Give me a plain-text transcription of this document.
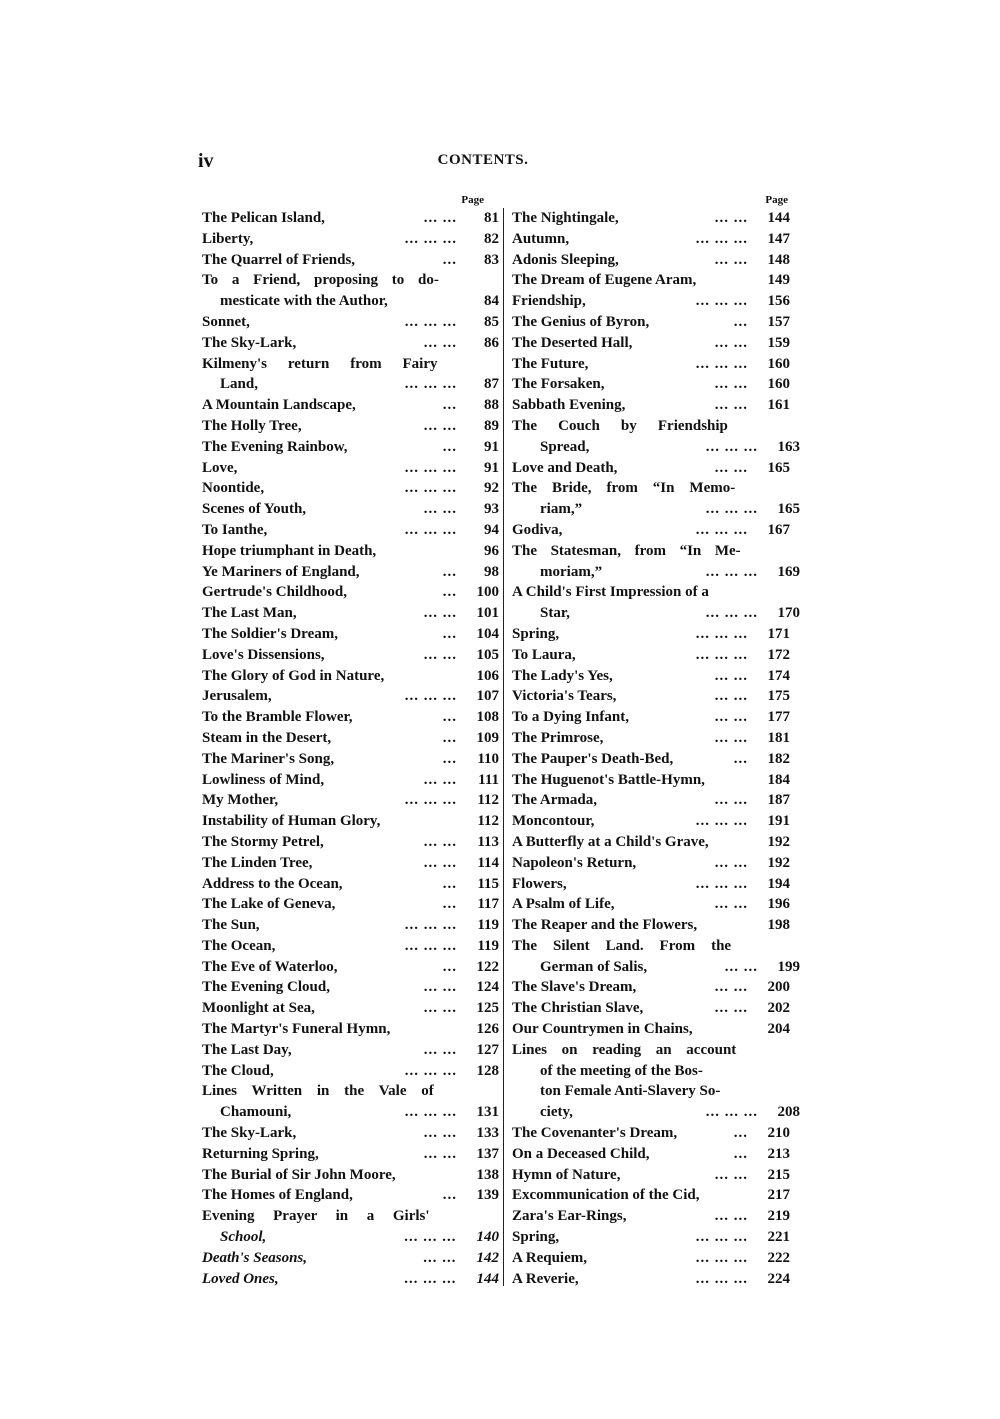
iv	CONTENTS.
Page
The Pelican Island,	... ...	81
Liberty,	... ... ...	82
The Quarrel of Friends,	...	83
To a Friend, proposing to do-
mesticate with the Author,	84
Sonnet,	... ... ...	85
The Sky-Lark,	... ...	86
Kilmeny's return from Fairy
Land,	... ... ...	87
A Mountain Landscape,	...	88
The Holly Tree,	... ...	89
The Evening Rainbow,	...	91
Love,	... ... ...	91
Noontide,	... ... ...	92
Scenes of Youth,	... ...	93
To Ianthe,	... ... ...	94
Hope triumphant in Death,	96
Ye Mariners of England,	...	98
Gertrude's Childhood,	...	100
The Last Man,	... ...	101
The Soldier's Dream,	...	104
Love's Dissensions,	... ...	105
The Glory of God in Nature,	106
Jerusalem,	... ... ...	107
To the Bramble Flower,	...	108
Steam in the Desert,	...	109
The Mariner's Song,	...	110
Lowliness of Mind,	... ...	111
My Mother,	... ... ...	112
Instability of Human Glory,	112
The Stormy Petrel,	... ...	113
The Linden Tree,	... ...	114
Address to the Ocean,	...	115
The Lake of Geneva,	...	117
The Sun,	... ... ...	119
The Ocean,	... ... ...	119
The Eve of Waterloo,	...	122
The Evening Cloud,	... ...	124
Moonlight at Sea,	... ...	125
The Martyr's Funeral Hymn,	126
The Last Day,	... ...	127
The Cloud,	... ... ...	128
Lines Written in the Vale of
Chamouni,	... ... ...	131
The Sky-Lark,	... ...	133
Returning Spring,	... ...	137
The Burial of Sir John Moore,	138
The Homes of England,	...	139
Evening Prayer in a Girls'
School,	... ... ...	140
Death's Seasons,	... ...	142
Loved Ones,	... ... ...	144
Page
The Nightingale,	... ...	144
Autumn,	... ... ...	147
Adonis Sleeping,	... ...	148
The Dream of Eugene Aram,	149
Friendship,	... ... ...	156
The Genius of Byron,	...	157
The Deserted Hall,	... ...	159
The Future,	... ... ...	160
The Forsaken,	... ...	160
Sabbath Evening,	... ...	161
The Couch by Friendship
Spread,	... ... ...	163
Love and Death,	... ...	165
The Bride, from “In Memo-
riam,”	... ... ...	165
Godiva,	... ... ...	167
The Statesman, from “In Me-
moriam,”	... ... ...	169
A Child's First Impression of a
Star,	... ... ...	170
Spring,	... ... ...	171
To Laura,	... ... ...	172
The Lady's Yes,	... ...	174
Victoria's Tears,	... ...	175
To a Dying Infant,	... ...	177
The Primrose,	... ...	181
The Pauper's Death-Bed,	...	182
The Huguenot's Battle-Hymn,	184
The Armada,	... ...	187
Moncontour,	... ... ...	191
A Butterfly at a Child's Grave,	192
Napoleon's Return,	... ...	192
Flowers,	... ... ...	194
A Psalm of Life,	... ...	196
The Reaper and the Flowers,	198
The Silent Land. From the
German of Salis,	... ...	199
The Slave's Dream,	... ...	200
The Christian Slave,	... ...	202
Our Countrymen in Chains,	204
Lines on reading an account
of the meeting of the Bos-
ton Female Anti-Slavery So-
ciety,	... ... ...	208
The Covenanter's Dream,	...	210
On a Deceased Child,	...	213
Hymn of Nature,	... ...	215
Excommunication of the Cid,	217
Zara's Ear-Rings,	... ...	219
Spring,	... ... ...	221
A Requiem,	... ... ...	222
A Reverie,	... ... ...	224
